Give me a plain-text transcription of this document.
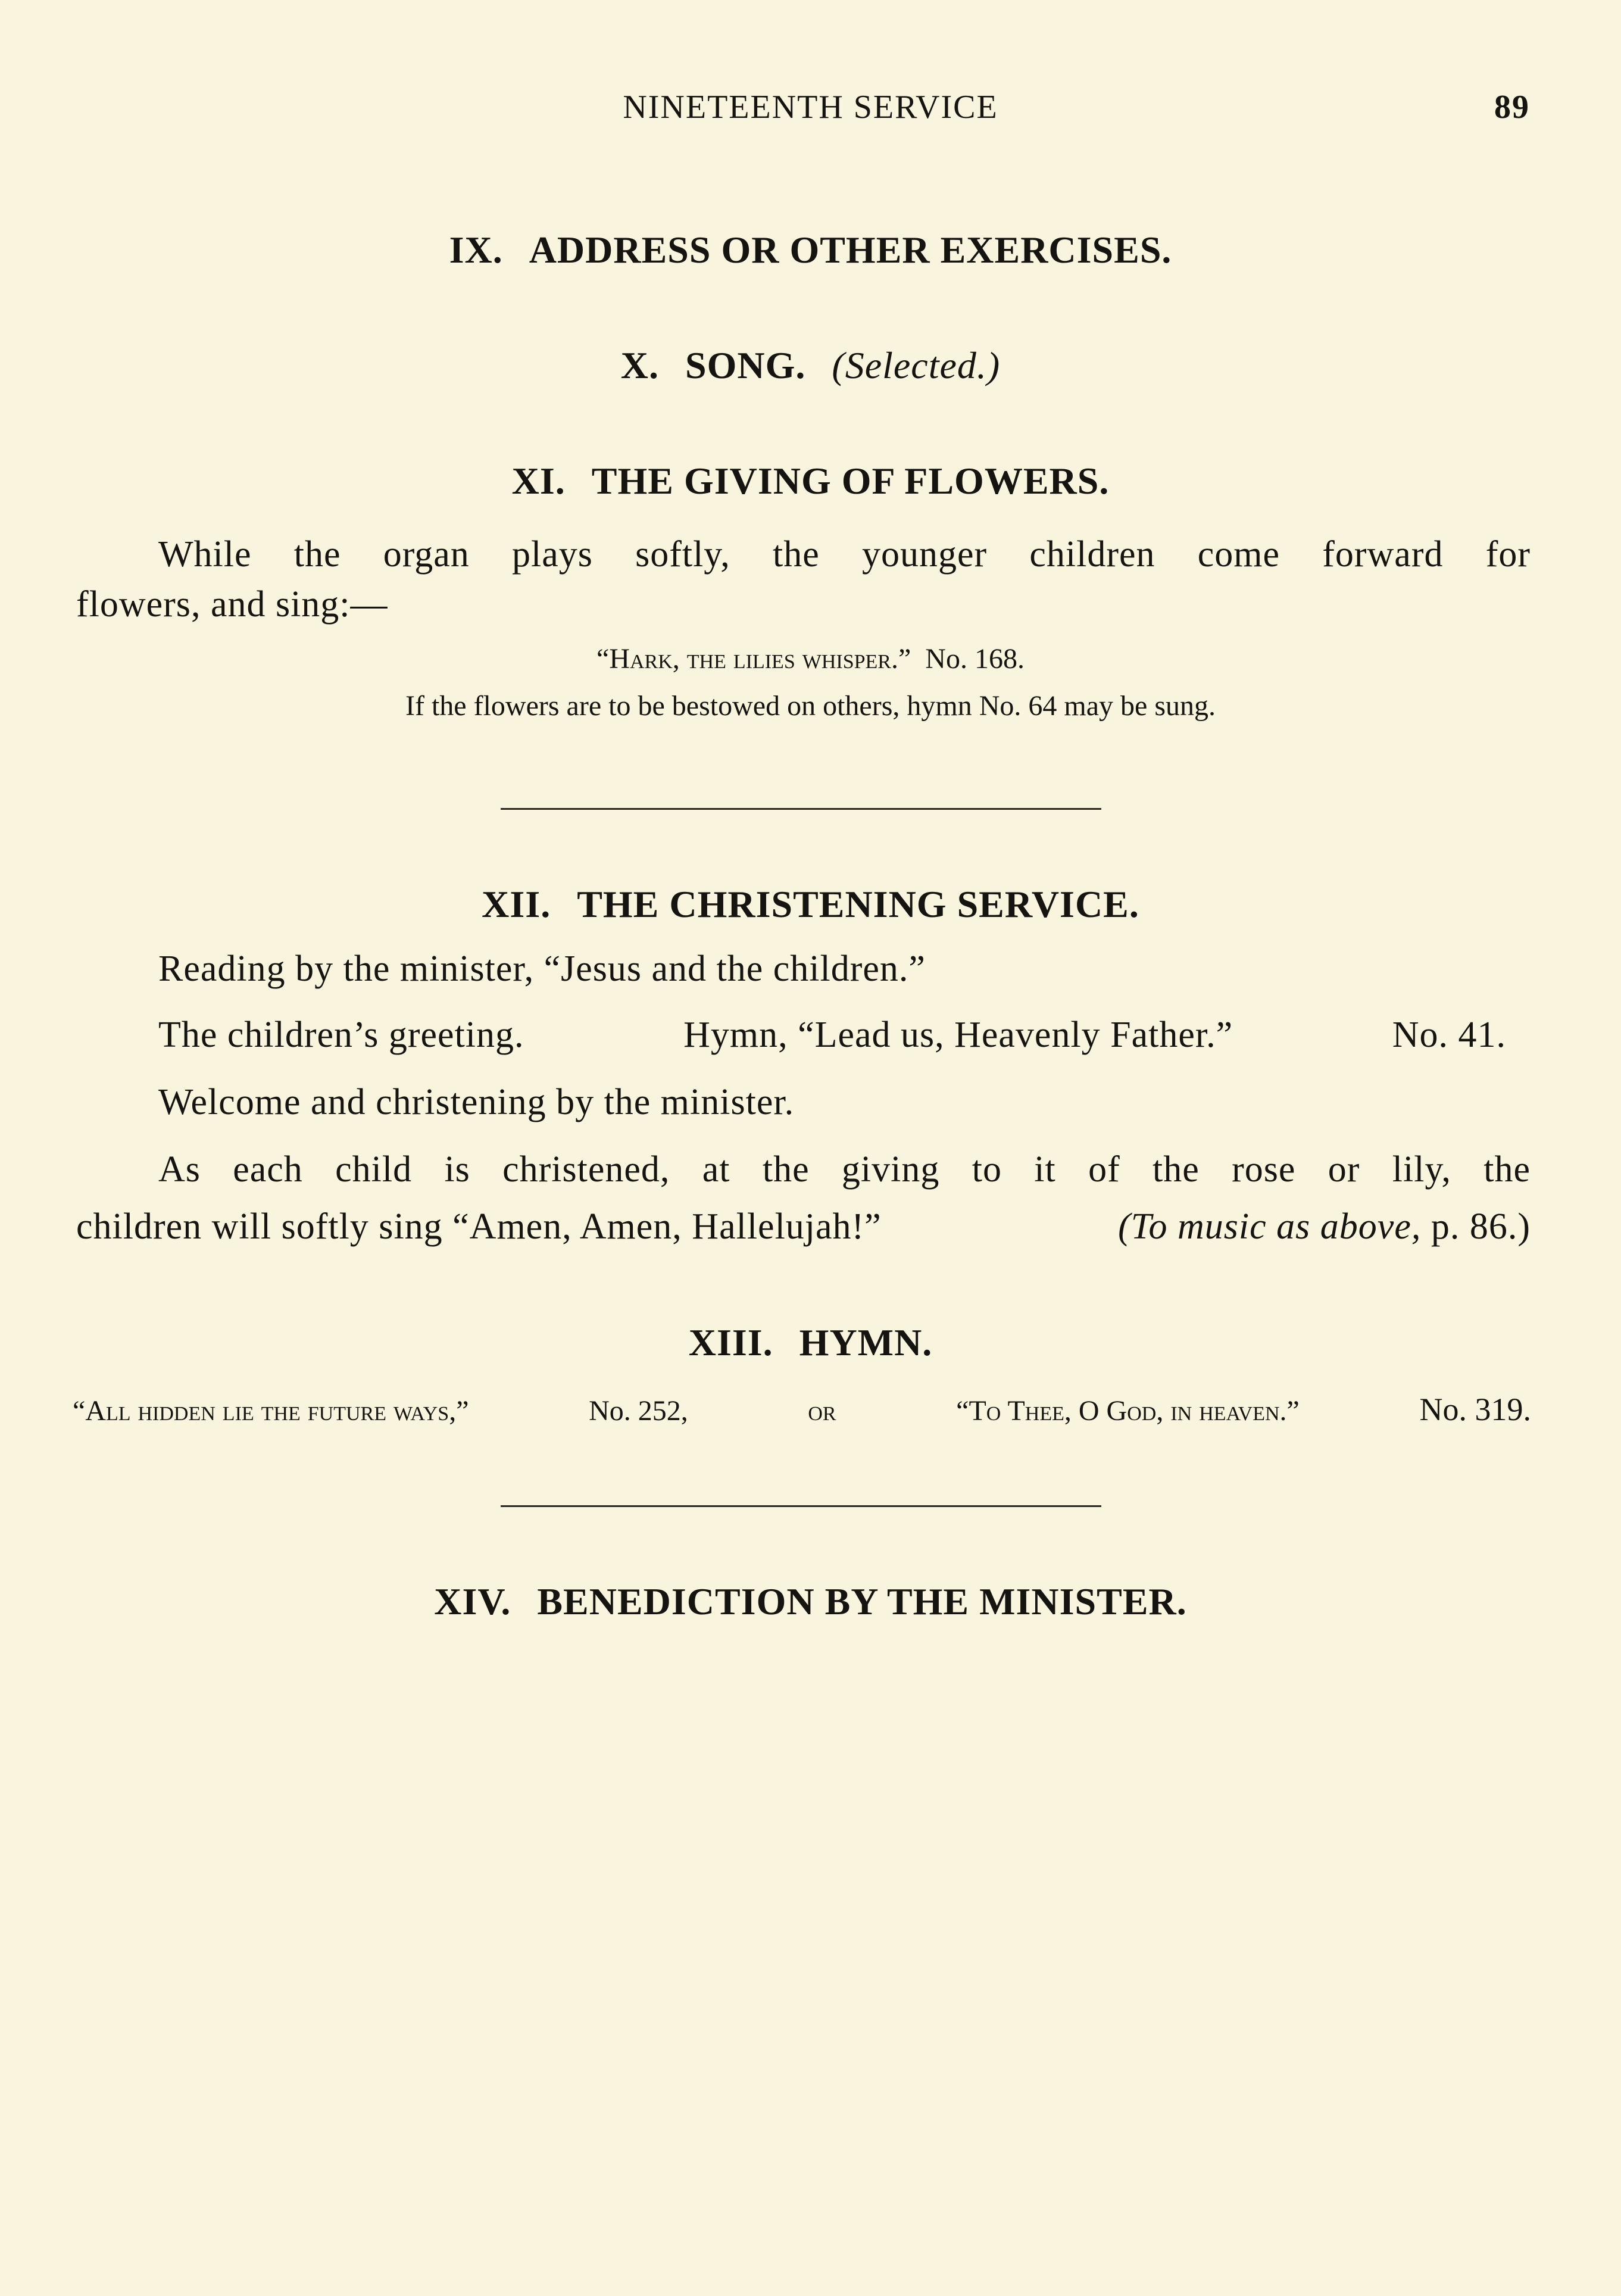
NINETEENTH SERVICE	89
IX. ADDRESS OR OTHER EXERCISES.
X. SONG. (Selected.)
XI. THE GIVING OF FLOWERS.
While the organ plays softly, the younger children come forward for
flowers, and sing:—
“Hark, the lilies whisper.” No. 168.
If the flowers are to be bestowed on others, hymn No. 64 may be sung.
XII. THE CHRISTENING SERVICE.
Reading by the minister, “Jesus and the children.”
The children’s greeting.	Hymn, “Lead us, Heavenly Father.”	No. 41.
Welcome and christening by the minister.
As each child is christened, at the giving to it of the rose or lily, the
children will softly sing “Amen, Amen, Hallelujah!”	(To music as above, p. 86.)
XIII. HYMN.
“All hidden lie the future ways,”	No. 252,	or	“To Thee, O God, in heaven.”	No. 319.
XIV. BENEDICTION BY THE MINISTER.
